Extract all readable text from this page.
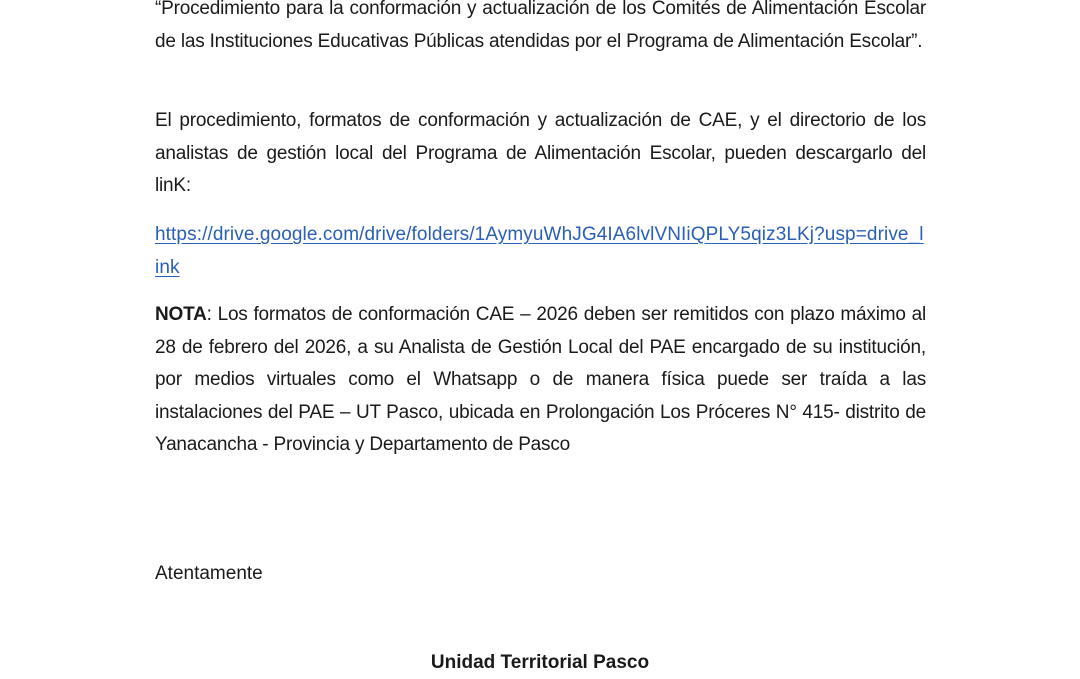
“Procedimiento para la conformación y actualización de los Comités de Alimentación Escolar de las Instituciones Educativas Públicas atendidas por el Programa de Alimentación Escolar”.

El procedimiento, formatos de conformación y actualización de CAE, y el directorio de los analistas de gestión local del Programa de Alimentación Escolar, pueden descargarlo del linK:

https://drive.google.com/drive/folders/1AymyuWhJG4IA6lvlVNIiQPLY5qiz3LKj?usp=drive_link

NOTA: Los formatos de conformación CAE – 2026 deben ser remitidos con plazo máximo al 28 de febrero del 2026, a su Analista de Gestión Local del PAE encargado de su institución, por medios virtuales como el Whatsapp o de manera física puede ser traída a las instalaciones del PAE – UT Pasco, ubicada en Prolongación Los Próceres N° 415- distrito de Yanacancha - Provincia y Departamento de Pasco

Atentamente
Unidad Territorial Pasco
